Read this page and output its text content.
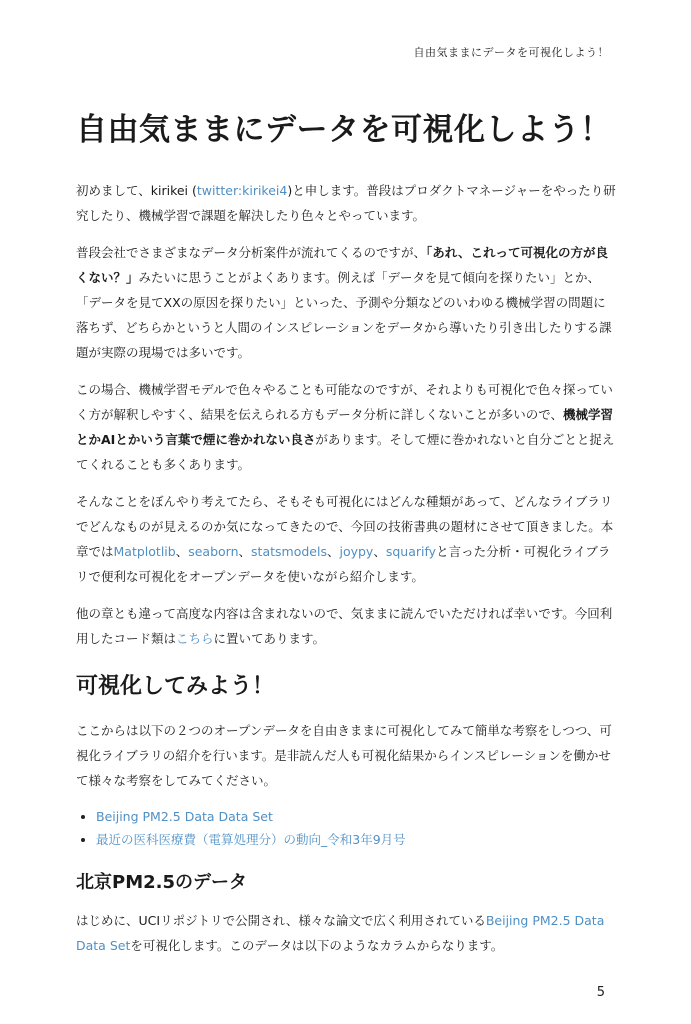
自由気ままにデータを可視化しよう！
自由気ままにデータを可視化しよう！

初めまして、kirikei (twitter:kirikei4)と申します。普段はプロダクトマネージャーをやったり研究したり、機械学習で課題を解決したり色々とやっています。

普段会社でさまざまなデータ分析案件が流れてくるのですが、「あれ、これって可視化の方が良くない？」みたいに思うことがよくあります。例えば「データを見て傾向を探りたい」とか、「データを見てXXの原因を探りたい」といった、予測や分類などのいわゆる機械学習の問題に落ちず、どちらかというと人間のインスピレーションをデータから導いたり引き出したりする課題が実際の現場では多いです。

この場合、機械学習モデルで色々やることも可能なのですが、それよりも可視化で色々探っていく方が解釈しやすく、結果を伝えられる方もデータ分析に詳しくないことが多いので、機械学習とかAIとかいう言葉で煙に巻かれない良さがあります。そして煙に巻かれないと自分ごとと捉えてくれることも多くあります。

そんなことをぼんやり考えてたら、そもそも可視化にはどんな種類があって、どんなライブラリでどんなものが見えるのか気になってきたので、今回の技術書典の題材にさせて頂きました。本章ではMatplotlib、seaborn、statsmodels、joypy、squarifyと言った分析・可視化ライブラリで便利な可視化をオープンデータを使いながら紹介します。

他の章とも違って高度な内容は含まれないので、気ままに読んでいただければ幸いです。今回利用したコード類はこちらに置いてあります。

可視化してみよう！

ここからは以下の２つのオープンデータを自由きままに可視化してみて簡単な考察をしつつ、可視化ライブラリの紹介を行います。是非読んだ人も可視化結果からインスピレーションを働かせて様々な考察をしてみてください。

• Beijing PM2.5 Data Data Set
• 最近の医科医療費（電算処理分）の動向_令和3年9月号
北京PM2.5のデータ

はじめに、UCIリポジトリで公開され、様々な論文で広く利用されているBeijing PM2.5 Data Data Setを可視化します。このデータは以下のようなカラムからなります。

5
